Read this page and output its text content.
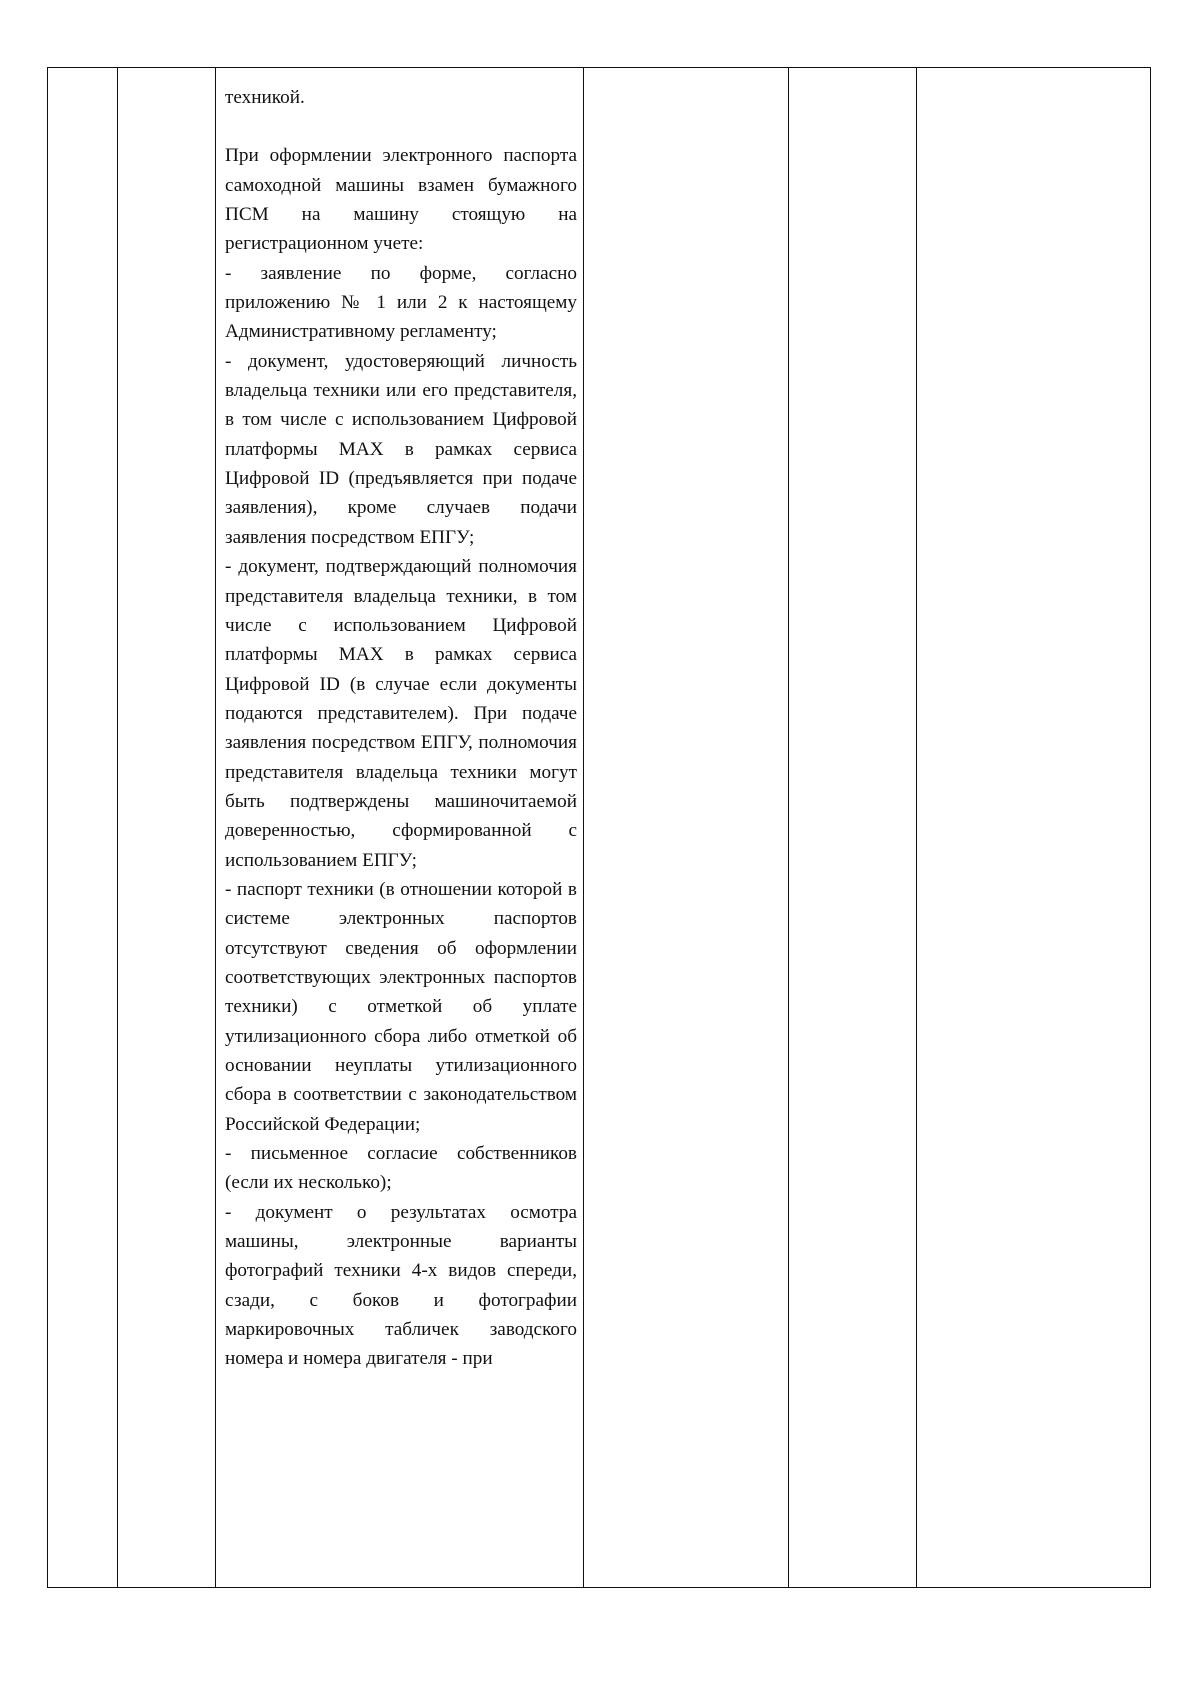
техникой.

При оформлении электронного паспорта самоходной машины взамен бумажного ПСМ на машину стоящую на регистрационном учете:

- заявление по форме, согласно приложению № 1 или 2 к настоящему Административному регламенту;

- документ, удостоверяющий личность владельца техники или его представителя, в том числе с использованием Цифровой платформы МАХ в рамках сервиса Цифровой ID (предъявляется при подаче заявления), кроме случаев подачи заявления посредством ЕПГУ;

- документ, подтверждающий полномочия представителя владельца техники, в том числе с использованием Цифровой платформы МАХ в рамках сервиса Цифровой ID (в случае если документы подаются представителем). При подаче заявления посредством ЕПГУ, полномочия представителя владельца техники могут быть подтверждены машиночитаемой доверенностью, сформированной с использованием ЕПГУ;

- паспорт техники (в отношении которой в системе электронных паспортов отсутствуют сведения об оформлении соответствующих электронных паспортов техники) с отметкой об уплате утилизационного сбора либо отметкой об основании неуплаты утилизационного сбора в соответствии с законодательством Российской Федерации;

- письменное согласие собственников (если их несколько);

- документ о результатах осмотра машины, электронные варианты фотографий техники 4-х видов спереди, сзади, с боков и фотографии маркировочных табличек заводского номера и номера двигателя - при
